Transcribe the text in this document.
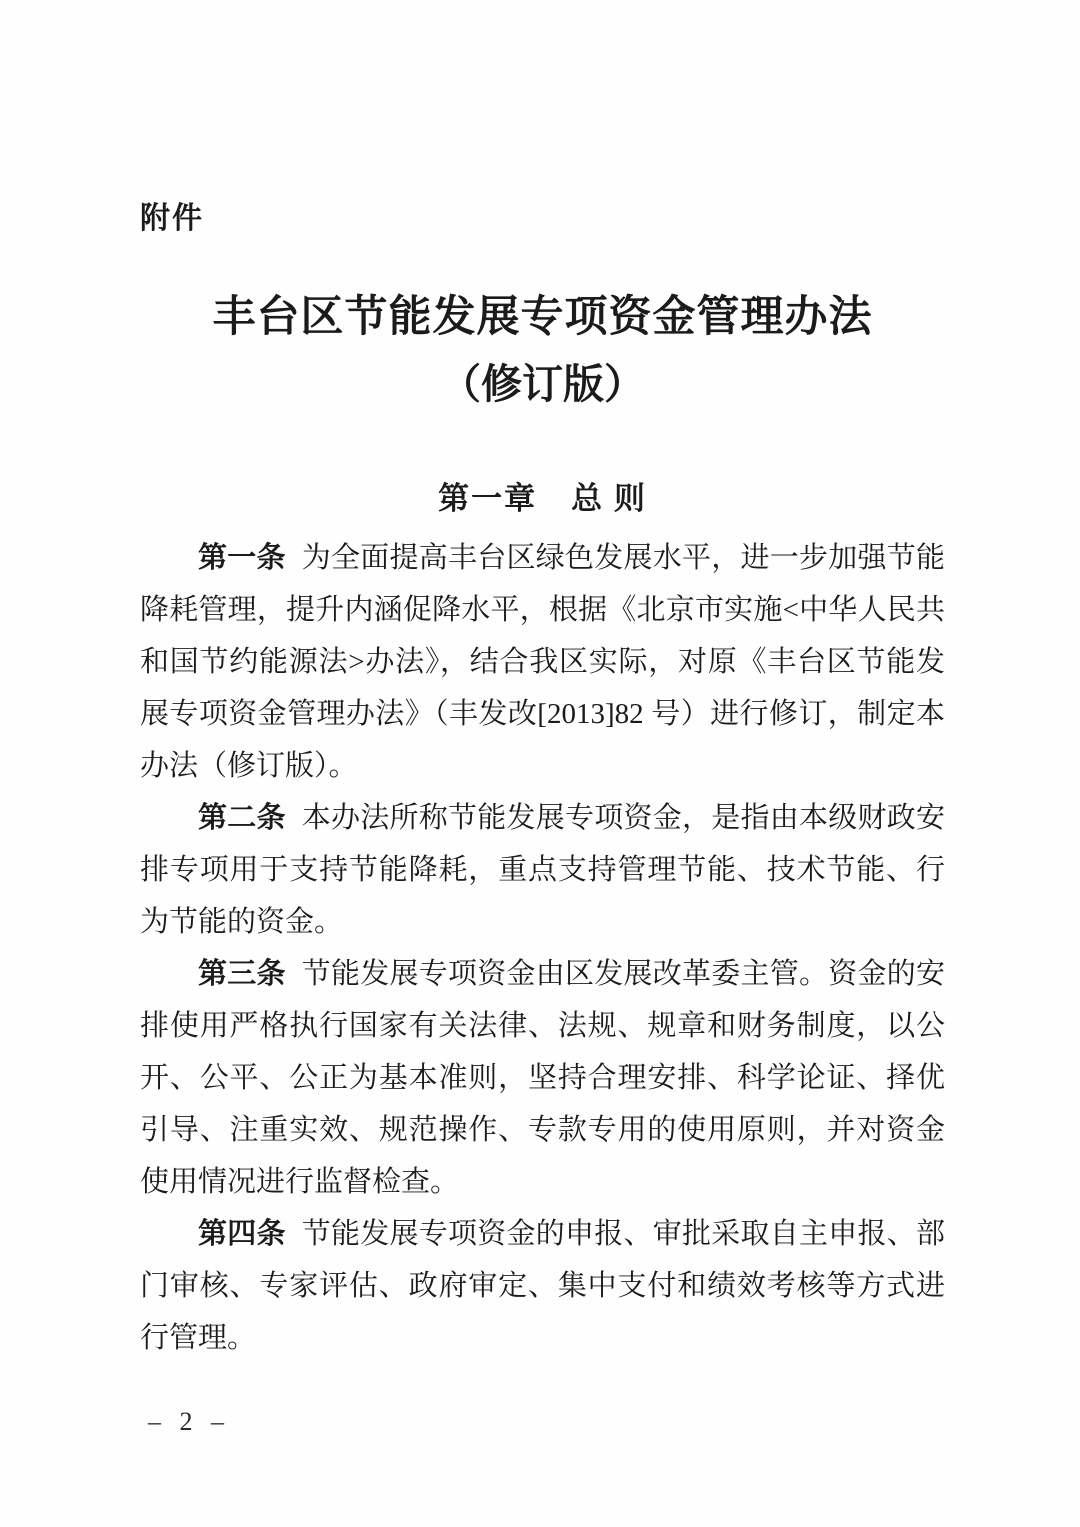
附件
丰台区节能发展专项资金管理办法
（修订版）
第一章 总 则

第一条 为全面提高丰台区绿色发展水平，进一步加强节能降耗管理，提升内涵促降水平，根据《北京市实施<中华人民共和国节约能源法>办法》，结合我区实际，对原《丰台区节能发展专项资金管理办法》（丰发改[2013]82 号）进行修订，制定本办法（修订版）。

第二条 本办法所称节能发展专项资金，是指由本级财政安排专项用于支持节能降耗，重点支持管理节能、技术节能、行为节能的资金。

第三条 节能发展专项资金由区发展改革委主管。资金的安排使用严格执行国家有关法律、法规、规章和财务制度，以公开、公平、公正为基本准则，坚持合理安排、科学论证、择优引导、注重实效、规范操作、专款专用的使用原则，并对资金使用情况进行监督检查。

第四条 节能发展专项资金的申报、审批采取自主申报、部门审核、专家评估、政府审定、集中支付和绩效考核等方式进行管理。

– 2 –
